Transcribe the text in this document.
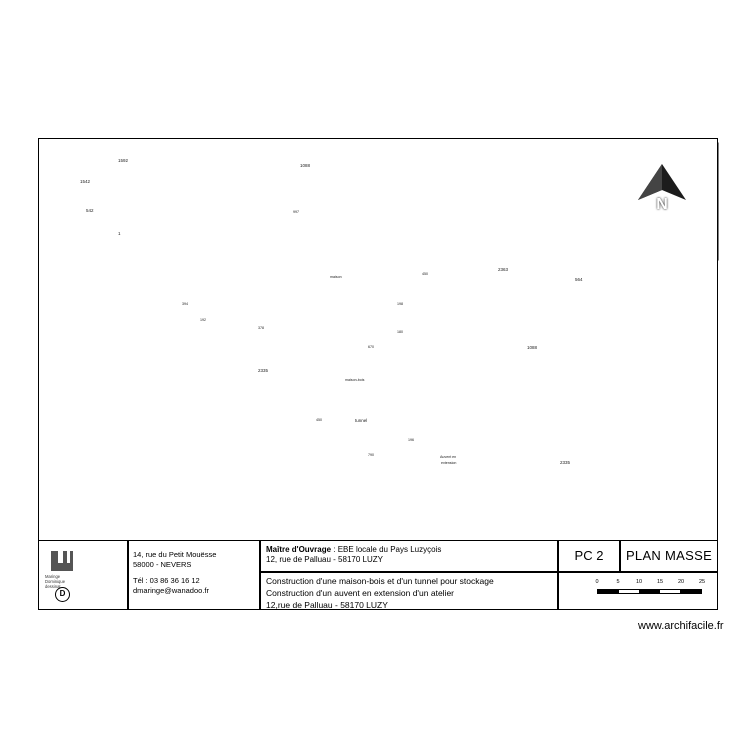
1592
1542
542
1
1088
997
2363
564
1088
2335
2335
maison
tunnel
maison-bois
Auvent en
extension
378
394
192
198
450
670
180
450
790
196
N
Maringe
Dominique
dessinat...
D
14, rue du Petit Mouësse
58000 - NEVERS
Tél : 03 86 36 16 12
dmaringe@wanadoo.fr
Maître d'Ouvrage : EBE locale du Pays Luzyçois
12, rue de Palluau - 58170 LUZY
Construction d'une maison-bois et d'un tunnel pour stockage
Construction d'un auvent en extension d'un atelier
12,rue de Palluau - 58170 LUZY
PC 2	PLAN MASSE
0	5	10	15	20	25
www.archifacile.fr
